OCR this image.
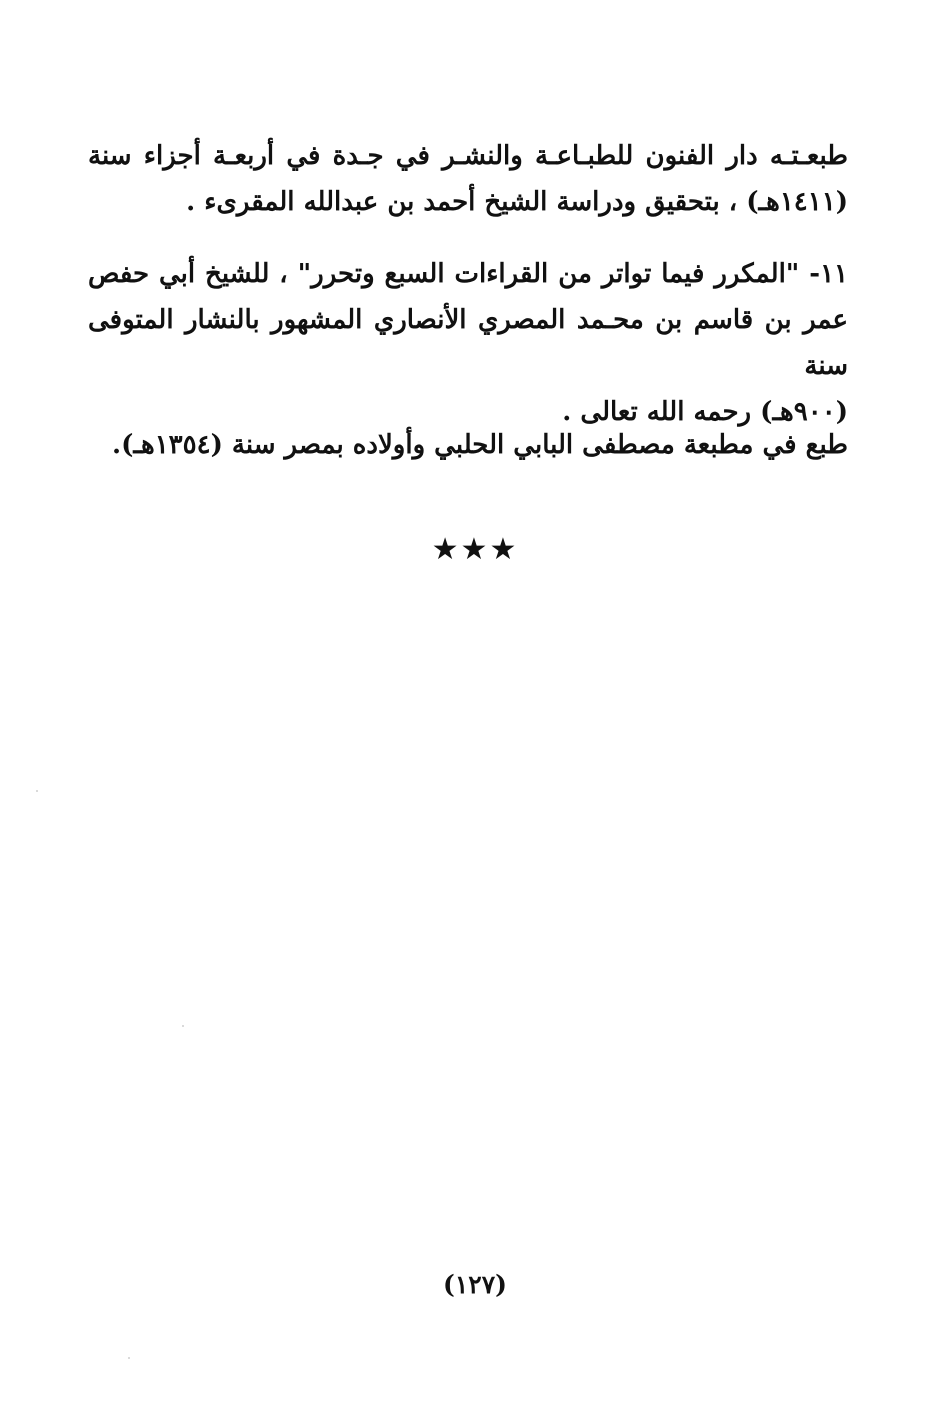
طبعـتـه دار الفنون للطبـاعـة والنشـر في جـدة في أربعـة أجزاء سنة
(١٤١١هـ) ، بتحقيق ودراسة الشيخ أحمد بن عبدالله المقرىء .
١١- "المكرر فيما تواتر من القراءات السبع وتحرر" ، للشيخ أبي حفص
عمر بن قاسم بن محـمد المصري الأنصاري المشهور بالنشار المتوفى سنة
(٩٠٠هـ) رحمه الله تعالى .
طبع في مطبعة مصطفى البابي الحلبي وأولاده بمصر سنة (١٣٥٤هـ).
★★★
(١٢٧)
